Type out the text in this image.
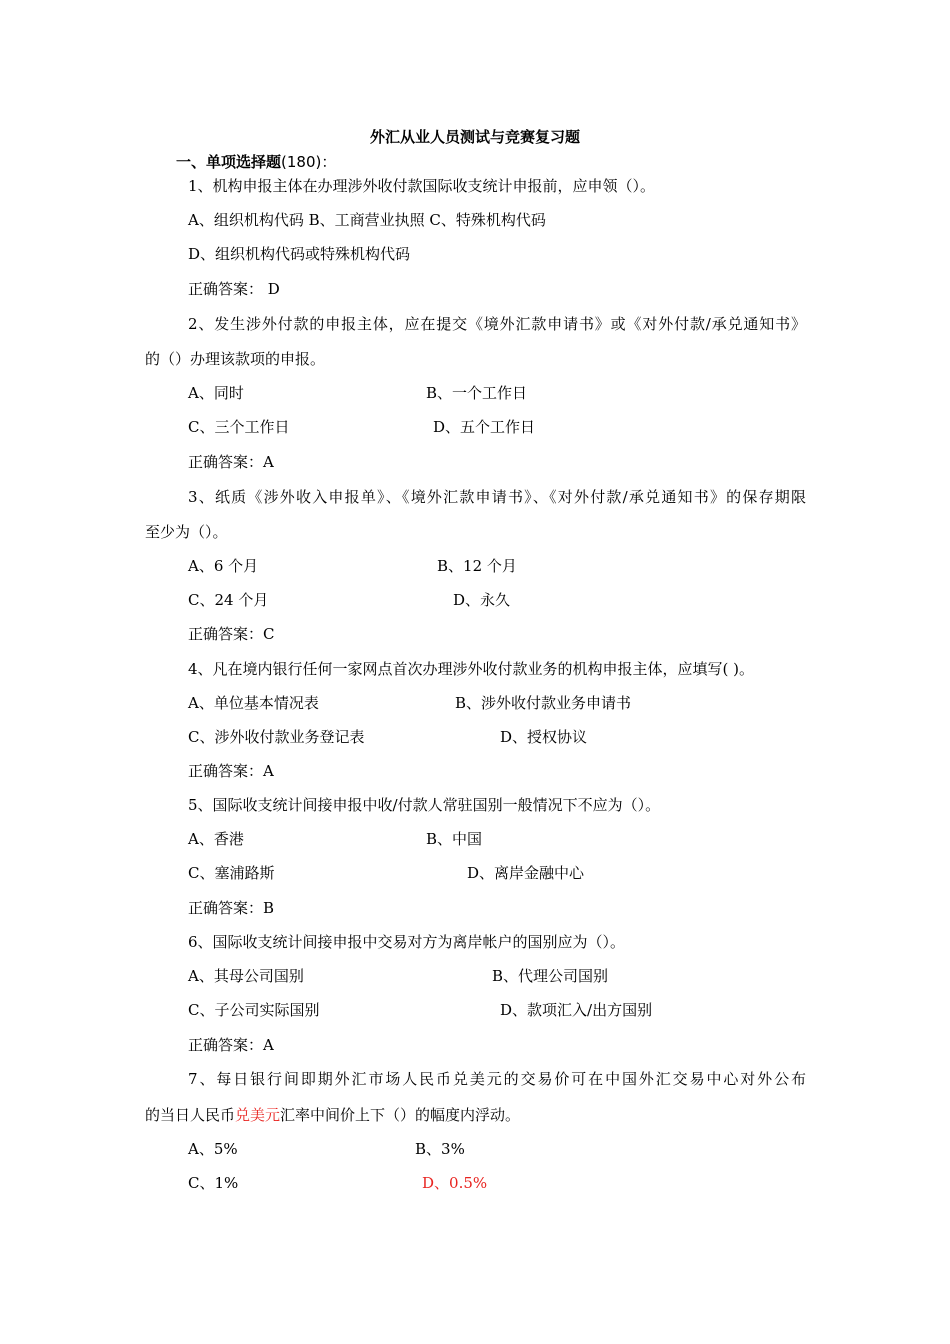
外汇从业人员测试与竞赛复习题
一、单项选择题(180)：
1、机构申报主体在办理涉外收付款国际收支统计申报前，应申领（）。
A、组织机构代码 B、工商营业执照 C、特殊机构代码
D、组织机构代码或特殊机构代码
正确答案： D
2、发生涉外付款的申报主体，应在提交《境外汇款申请书》或《对外付款/承兑通知书》
的（）办理该款项的申报。
A、同时	B、一个工作日
C、三个工作日	D、五个工作日
正确答案：A
3、纸质《涉外收入申报单》、《境外汇款申请书》、《对外付款/承兑通知书》的保存期限
至少为（）。
A、6 个月	B、12 个月
C、24 个月	D、永久
正确答案：C
4、凡在境内银行任何一家网点首次办理涉外收付款业务的机构申报主体，应填写( )。
A、单位基本情况表	B、涉外收付款业务申请书
C、涉外收付款业务登记表	D、授权协议
正确答案：A
5、国际收支统计间接申报中收/付款人常驻国别一般情况下不应为（）。
A、香港	B、中国
C、塞浦路斯	D、离岸金融中心
正确答案：B
6、国际收支统计间接申报中交易对方为离岸帐户的国别应为（）。
A、其母公司国别	B、代理公司国别
C、子公司实际国别	D、款项汇入/出方国别
正确答案：A
7、每日银行间即期外汇市场人民币兑美元的交易价可在中国外汇交易中心对外公布
的当日人民币兑美元汇率中间价上下（）的幅度内浮动。
A、5%	B、3%
C、1%	D、0.5%
